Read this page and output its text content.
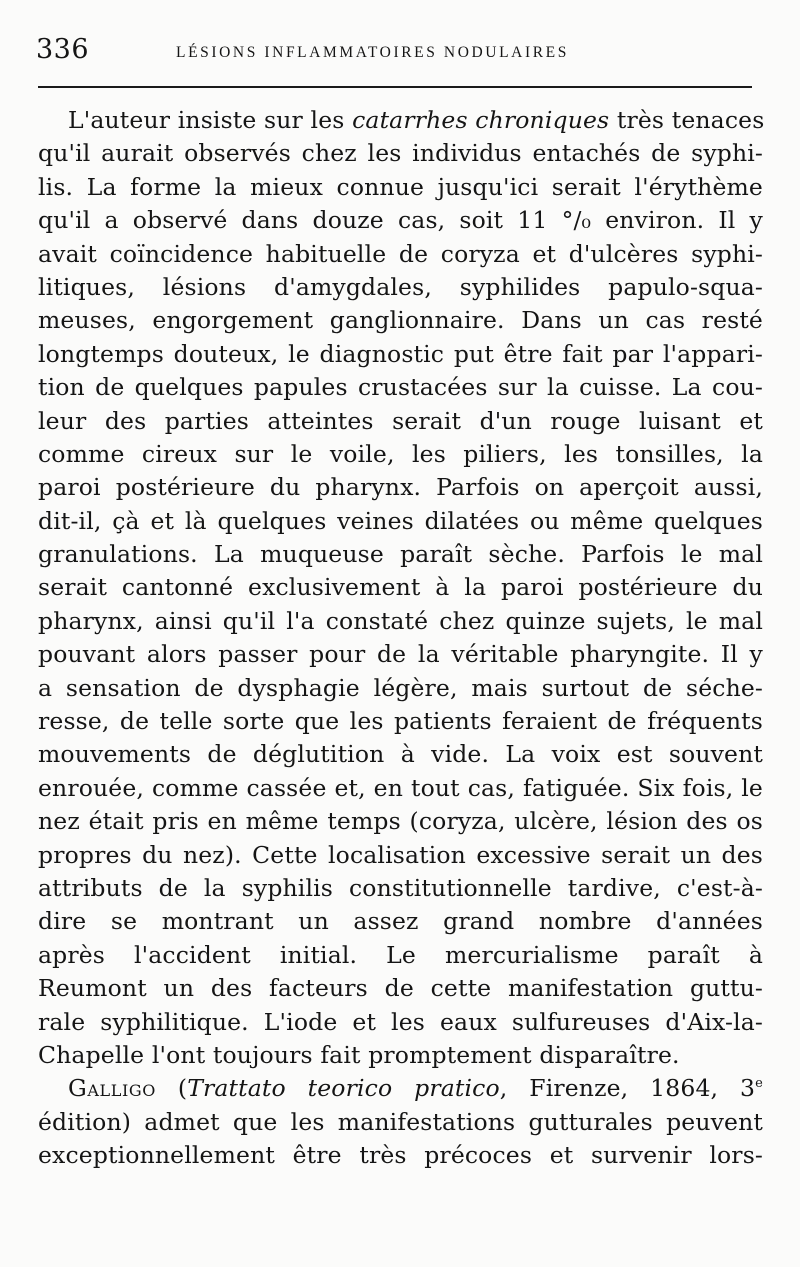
336	LÉSIONS INFLAMMATOIRES NODULAIRES
L'auteur insiste sur les catarrhes chroniques très tenaces
qu'il aurait observés chez les individus entachés de syphi-
lis. La forme la mieux connue jusqu'ici serait l'érythème
qu'il a observé dans douze cas, soit 11 °/₀ environ. Il y
avait coïncidence habituelle de coryza et d'ulcères syphi-
litiques, lésions d'amygdales, syphilides papulo-squa-
meuses, engorgement ganglionnaire. Dans un cas resté
longtemps douteux, le diagnostic put être fait par l'appari-
tion de quelques papules crustacées sur la cuisse. La cou-
leur des parties atteintes serait d'un rouge luisant et
comme cireux sur le voile, les piliers, les tonsilles, la
paroi postérieure du pharynx. Parfois on aperçoit aussi,
dit-il, çà et là quelques veines dilatées ou même quelques
granulations. La muqueuse paraît sèche. Parfois le mal
serait cantonné exclusivement à la paroi postérieure du
pharynx, ainsi qu'il l'a constaté chez quinze sujets, le mal
pouvant alors passer pour de la véritable pharyngite. Il y
a sensation de dysphagie légère, mais surtout de séche-
resse, de telle sorte que les patients feraient de fréquents
mouvements de déglutition à vide. La voix est souvent
enrouée, comme cassée et, en tout cas, fatiguée. Six fois, le
nez était pris en même temps (coryza, ulcère, lésion des os
propres du nez). Cette localisation excessive serait un des
attributs de la syphilis constitutionnelle tardive, c'est-à-
dire se montrant un assez grand nombre d'années
après l'accident initial. Le mercurialisme paraît à
Reumont un des facteurs de cette manifestation guttu-
rale syphilitique. L'iode et les eaux sulfureuses d'Aix-la-
Chapelle l'ont toujours fait promptement disparaître.
Galligo (Trattato teorico pratico, Firenze, 1864, 3e
édition) admet que les manifestations gutturales peuvent
exceptionnellement être très précoces et survenir lors-
